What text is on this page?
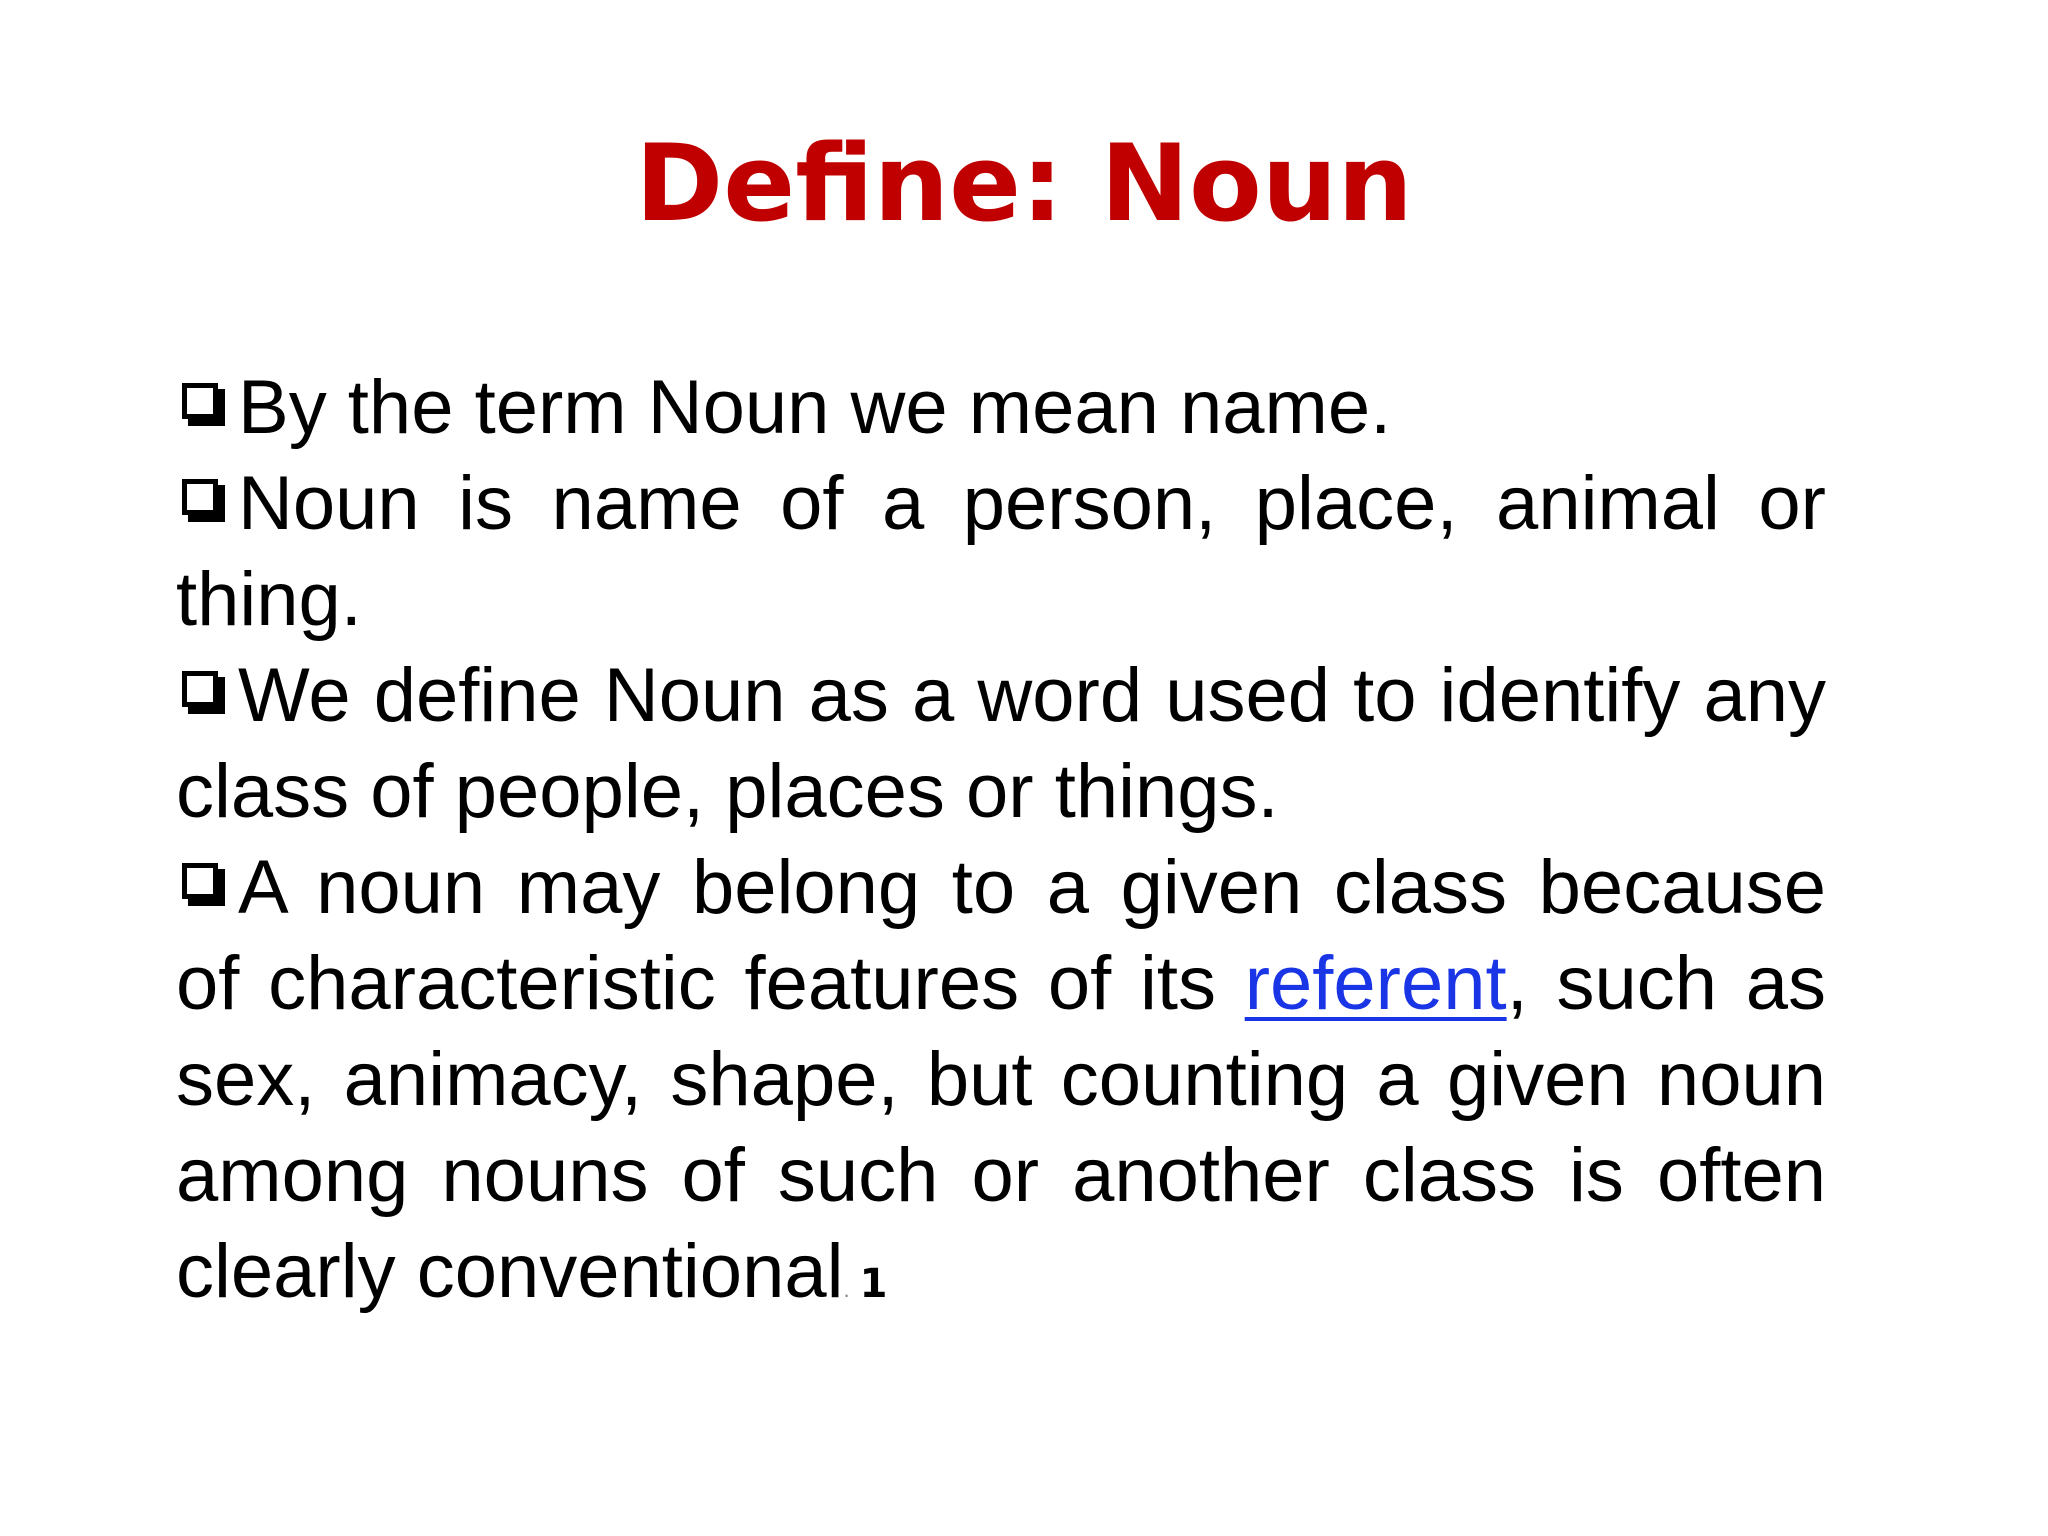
Define: Noun

By the term Noun we mean name.

Noun is name of a person, place, animal or thing.

We define Noun as a word used to identify any class of people, places or things.

A noun may belong to a given class because of characteristic features of its referent, such as sex, animacy, shape, but counting a given noun among nouns of such or another class is often clearly conventional. 1
